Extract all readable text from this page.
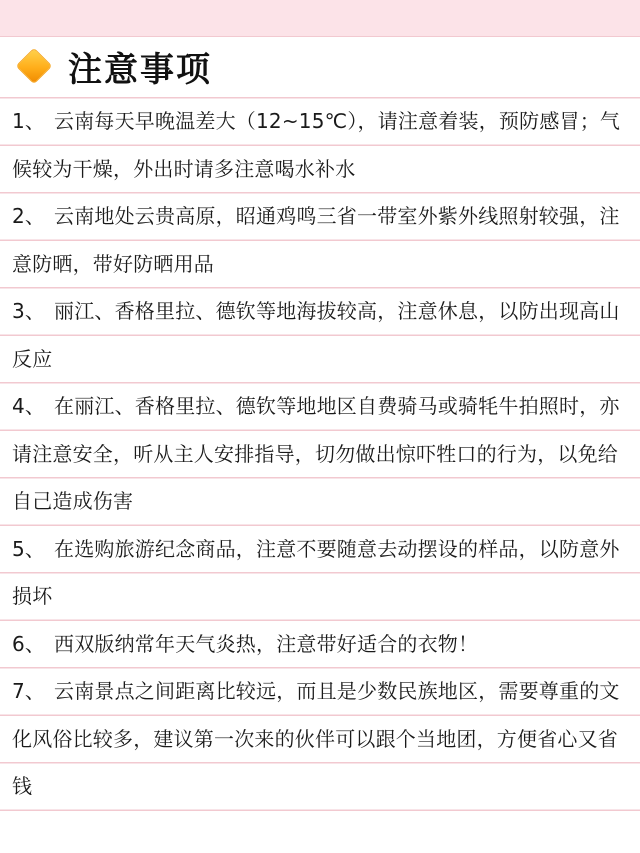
注意事项
1、 云南每天早晚温差大（12~15℃），请注意着装，预防感冒；气候较为干燥，外出时请多注意喝水补水
2、 云南地处云贵高原，昭通鸡鸣三省一带室外紫外线照射较强，注意防晒，带好防晒用品
3、 丽江、香格里拉、德钦等地海拔较高，注意休息，以防出现高山反应
4、 在丽江、香格里拉、德钦等地地区自费骑马或骑牦牛拍照时，亦请注意安全，听从主人安排指导，切勿做出惊吓牲口的行为，以免给自己造成伤害
5、 在选购旅游纪念商品，注意不要随意去动摆设的样品，以防意外损坏
6、 西双版纳常年天气炎热，注意带好适合的衣物！
7、 云南景点之间距离比较远，而且是少数民族地区，需要尊重的文化风俗比较多，建议第一次来的伙伴可以跟个当地团，方便省心又省钱
